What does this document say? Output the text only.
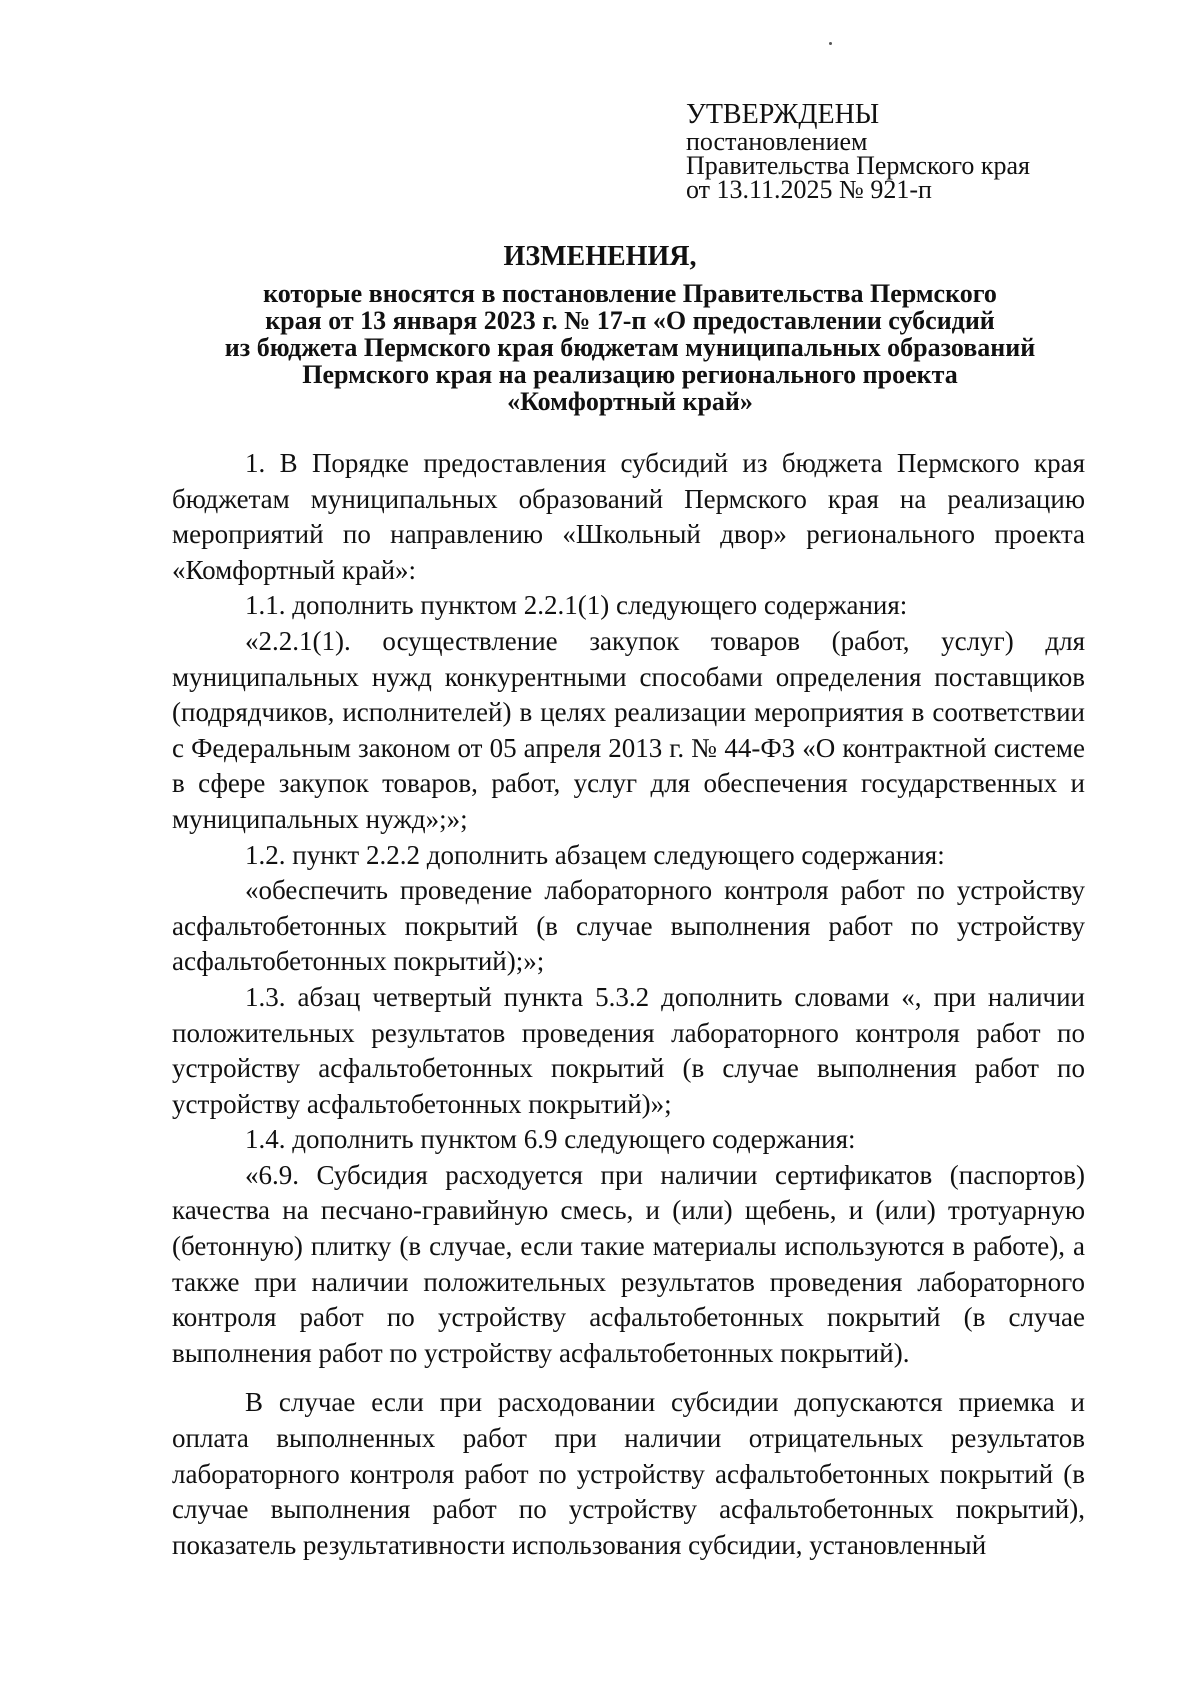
УТВЕРЖДЕНЫ
постановлением
Правительства Пермского края
от 13.11.2025 № 921-п
ИЗМЕНЕНИЯ,
которые вносятся в постановление Правительства Пермского
края от 13 января 2023 г. № 17-п «О предоставлении субсидий
из бюджета Пермского края бюджетам муниципальных образований
Пермского края на реализацию регионального проекта
«Комфортный край»

1. В Порядке предоставления субсидий из бюджета Пермского края бюджетам муниципальных образований Пермского края на реализацию мероприятий по направлению «Школьный двор» регионального проекта «Комфортный край»:

1.1. дополнить пунктом 2.2.1(1) следующего содержания:

«2.2.1(1). осуществление закупок товаров (работ, услуг) для муниципальных нужд конкурентными способами определения поставщиков (подрядчиков, исполнителей) в целях реализации мероприятия в соответствии с Федеральным законом от 05 апреля 2013 г. № 44-ФЗ «О контрактной системе в сфере закупок товаров, работ, услуг для обеспечения государственных и муниципальных нужд»;»;

1.2. пункт 2.2.2 дополнить абзацем следующего содержания:

«обеспечить проведение лабораторного контроля работ по устройству асфальтобетонных покрытий (в случае выполнения работ по устройству асфальтобетонных покрытий);»;

1.3. абзац четвертый пункта 5.3.2 дополнить словами «, при наличии положительных результатов проведения лабораторного контроля работ по устройству асфальтобетонных покрытий (в случае выполнения работ по устройству асфальтобетонных покрытий)»;

1.4. дополнить пунктом 6.9 следующего содержания:

«6.9. Субсидия расходуется при наличии сертификатов (паспортов) качества на песчано-гравийную смесь, и (или) щебень, и (или) тротуарную (бетонную) плитку (в случае, если такие материалы используются в работе), а также при наличии положительных результатов проведения лабораторного контроля работ по устройству асфальтобетонных покрытий (в случае выполнения работ по устройству асфальтобетонных покрытий).

В случае если при расходовании субсидии допускаются приемка и оплата выполненных работ при наличии отрицательных результатов лабораторного контроля работ по устройству асфальтобетонных покрытий (в случае выполнения работ по устройству асфальтобетонных покрытий), показатель результативности использования субсидии, установленный
